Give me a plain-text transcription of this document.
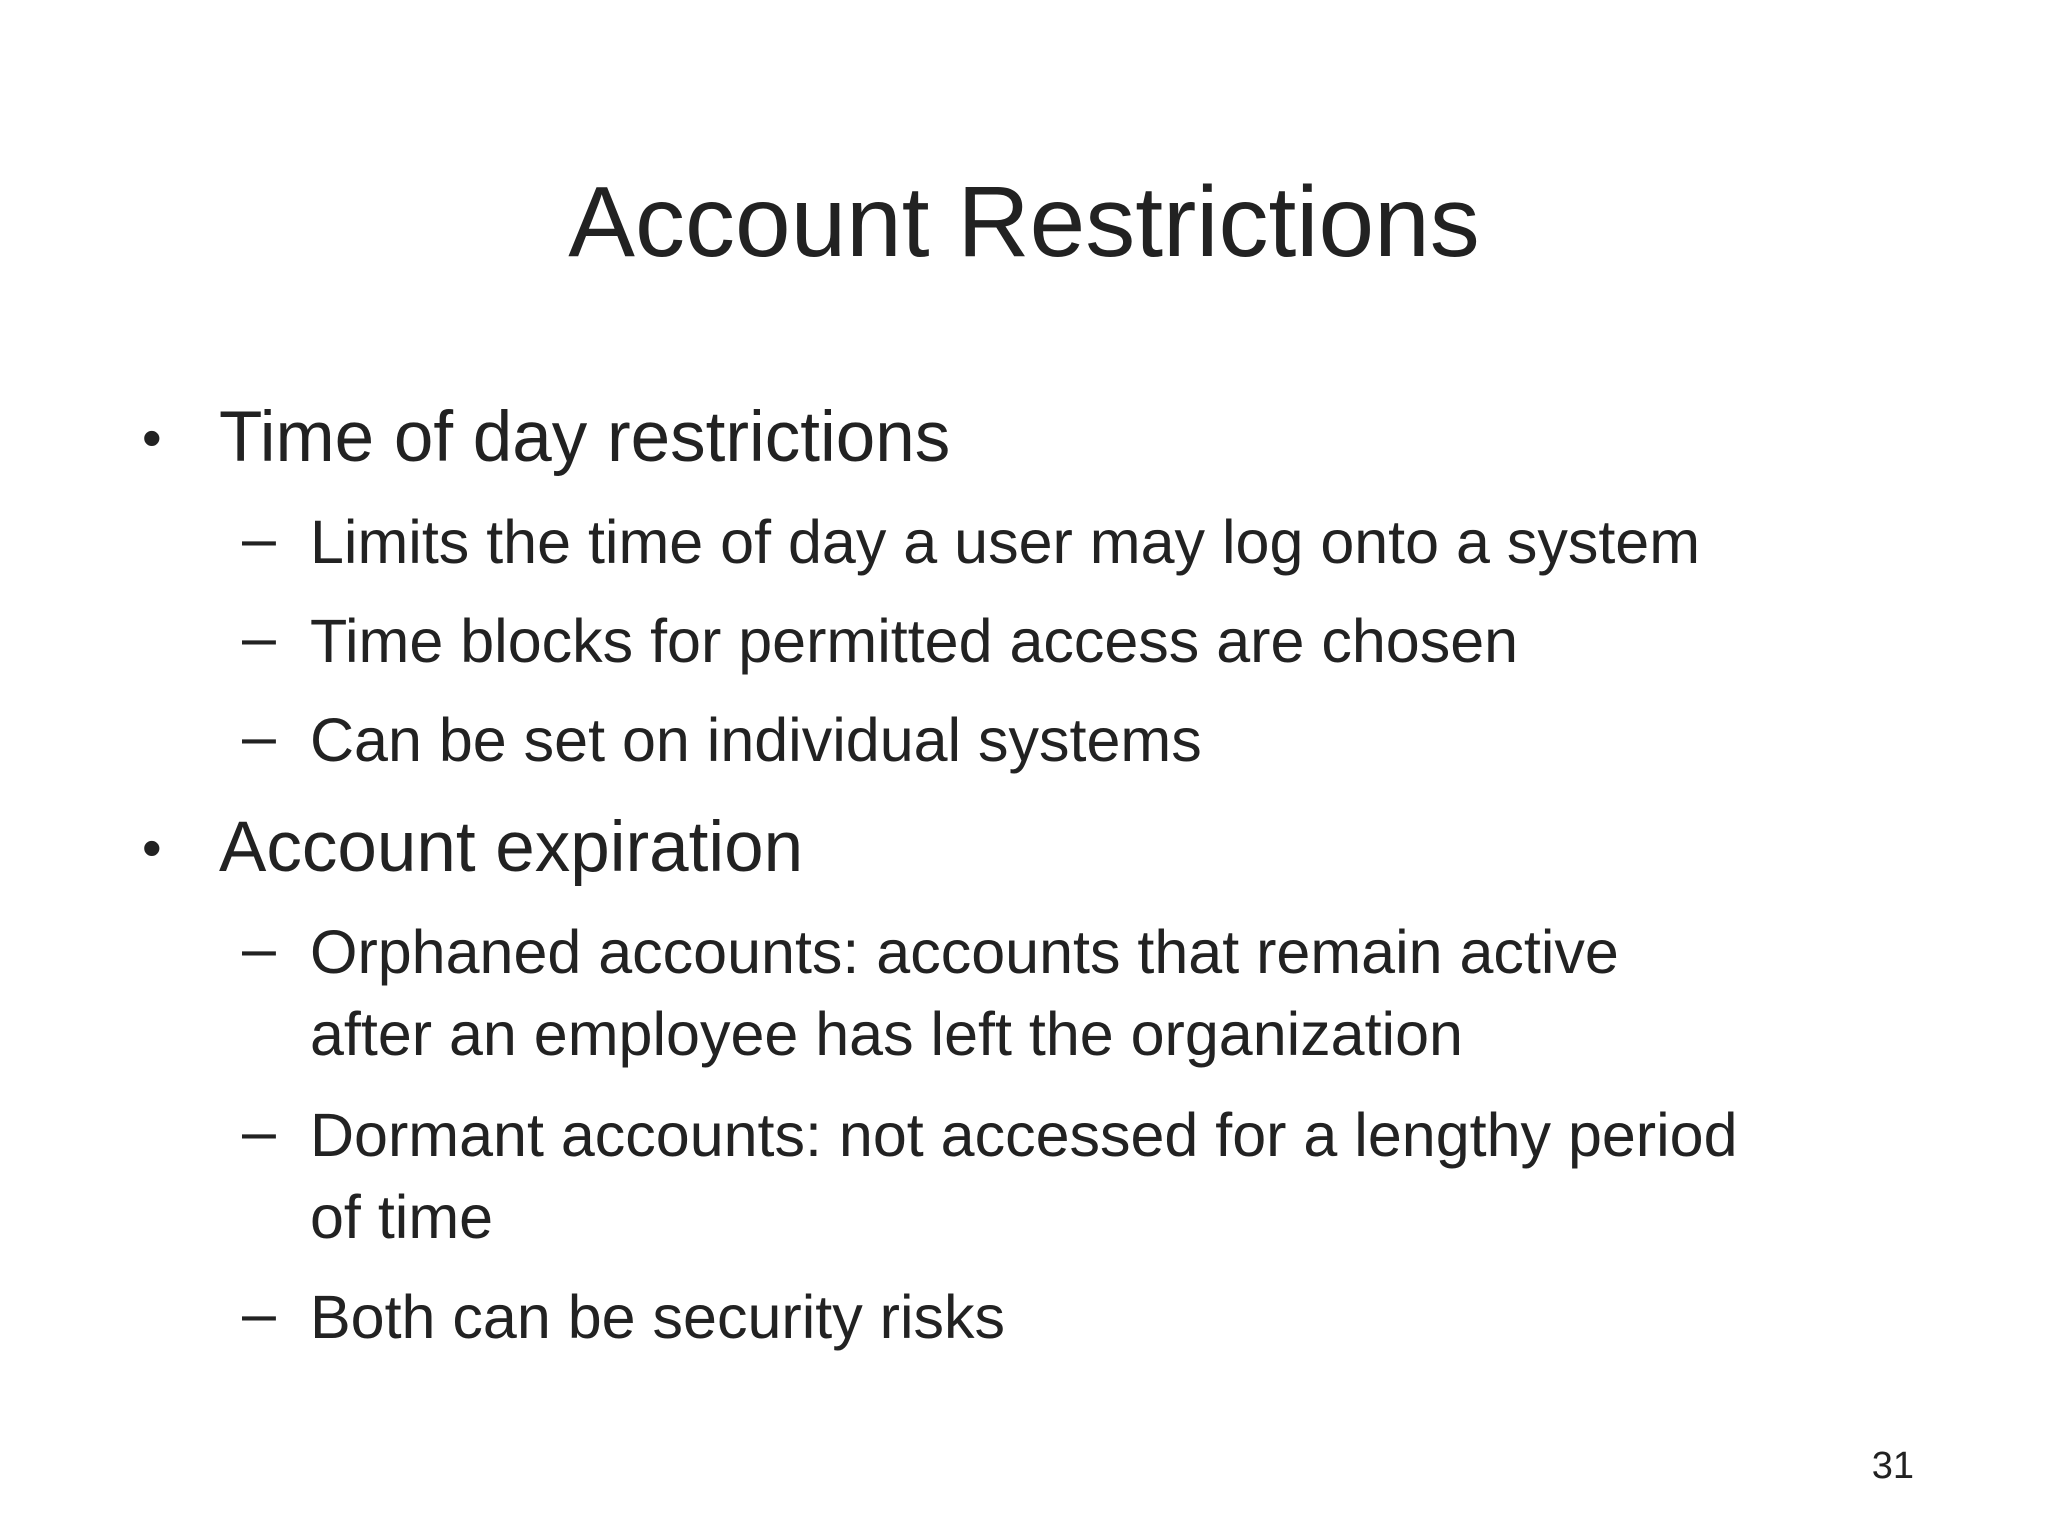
Account Restrictions
• Time of day restrictions
– Limits the time of day a user may log onto a system
– Time blocks for permitted access are chosen
– Can be set on individual systems
• Account expiration
– Orphaned accounts: accounts that remain active
after an employee has left the organization
– Dormant accounts: not accessed for a lengthy period
of time
– Both can be security risks
31
